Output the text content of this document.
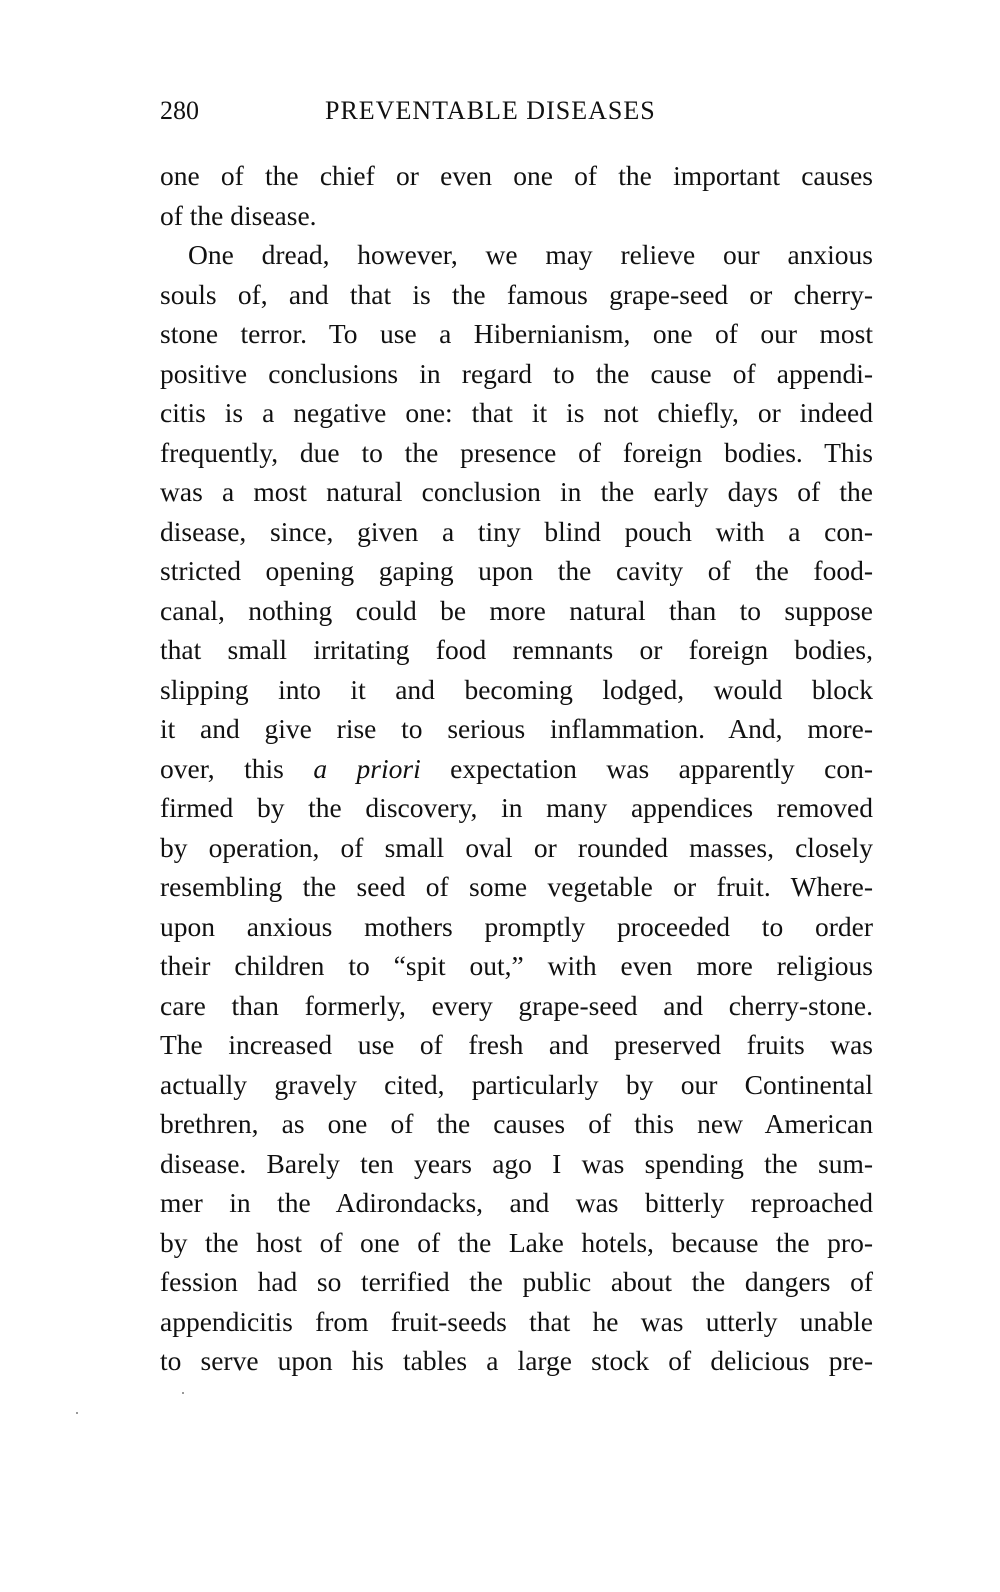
280	PREVENTABLE DISEASES
one of the chief or even one of the important causes
of the disease.
One dread, however, we may relieve our anxious
souls of, and that is the famous grape-seed or cherry-
stone terror. To use a Hibernianism, one of our most
positive conclusions in regard to the cause of appendi-
citis is a negative one: that it is not chiefly, or indeed
frequently, due to the presence of foreign bodies. This
was a most natural conclusion in the early days of the
disease, since, given a tiny blind pouch with a con-
stricted opening gaping upon the cavity of the food-
canal, nothing could be more natural than to suppose
that small irritating food remnants or foreign bodies,
slipping into it and becoming lodged, would block
it and give rise to serious inflammation. And, more-
over, this a priori expectation was apparently con-
firmed by the discovery, in many appendices removed
by operation, of small oval or rounded masses, closely
resembling the seed of some vegetable or fruit. Where-
upon anxious mothers promptly proceeded to order
their children to “spit out,” with even more religious
care than formerly, every grape-seed and cherry-stone.
The increased use of fresh and preserved fruits was
actually gravely cited, particularly by our Continental
brethren, as one of the causes of this new American
disease. Barely ten years ago I was spending the sum-
mer in the Adirondacks, and was bitterly reproached
by the host of one of the Lake hotels, because the pro-
fession had so terrified the public about the dangers of
appendicitis from fruit-seeds that he was utterly unable
to serve upon his tables a large stock of delicious pre-
